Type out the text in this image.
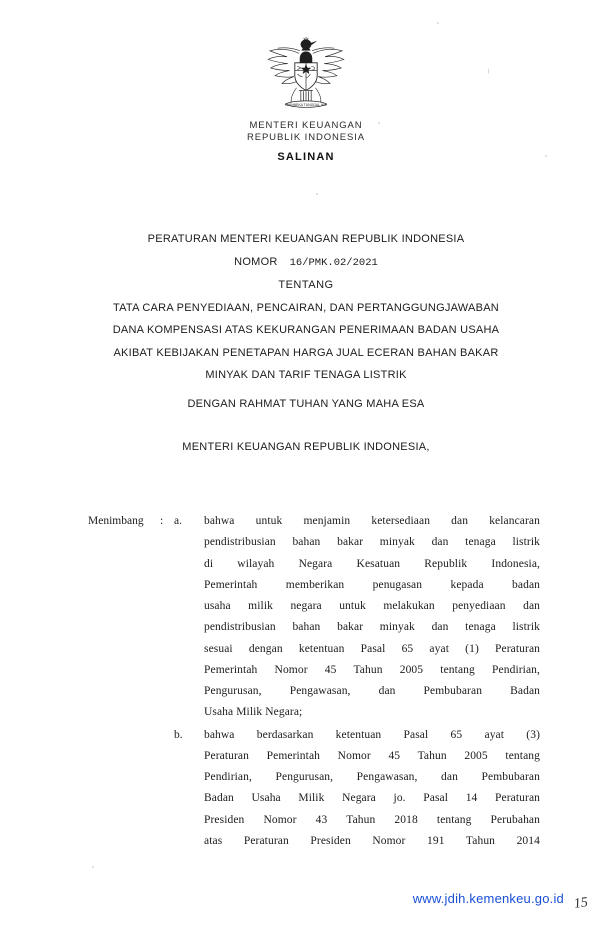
BHINNEKA TUNGGAL IKA
MENTERI KEUANGAN
REPUBLIK INDONESIA
SALINAN
PERATURAN MENTERI KEUANGAN REPUBLIK INDONESIA
NOMOR 16/PMK.02/2021
TENTANG
TATA CARA PENYEDIAAN, PENCAIRAN, DAN PERTANGGUNGJAWABAN
DANA KOMPENSASI ATAS KEKURANGAN PENERIMAAN BADAN USAHA
AKIBAT KEBIJAKAN PENETAPAN HARGA JUAL ECERAN BAHAN BAKAR
MINYAK DAN TARIF TENAGA LISTRIK
DENGAN RAHMAT TUHAN YANG MAHA ESA
MENTERI KEUANGAN REPUBLIK INDONESIA,
Menimbang	: a.	bahwa untuk menjamin ketersediaan dan kelancaran
pendistribusian bahan bakar minyak dan tenaga listrik
di wilayah Negara Kesatuan Republik Indonesia,
Pemerintah memberikan penugasan kepada badan
usaha milik negara untuk melakukan penyediaan dan
pendistribusian bahan bakar minyak dan tenaga listrik
sesuai dengan ketentuan Pasal 65 ayat (1) Peraturan
Pemerintah Nomor 45 Tahun 2005 tentang Pendirian,
Pengurusan, Pengawasan, dan Pembubaran Badan
Usaha Milik Negara;
b.	bahwa berdasarkan ketentuan Pasal 65 ayat (3)
Peraturan Pemerintah Nomor 45 Tahun 2005 tentang
Pendirian, Pengurusan, Pengawasan, dan Pembubaran
Badan Usaha Milik Negara jo. Pasal 14 Peraturan
Presiden Nomor 43 Tahun 2018 tentang Perubahan
atas Peraturan Presiden Nomor 191 Tahun 2014
www.jdih.kemenkeu.go.id 15
